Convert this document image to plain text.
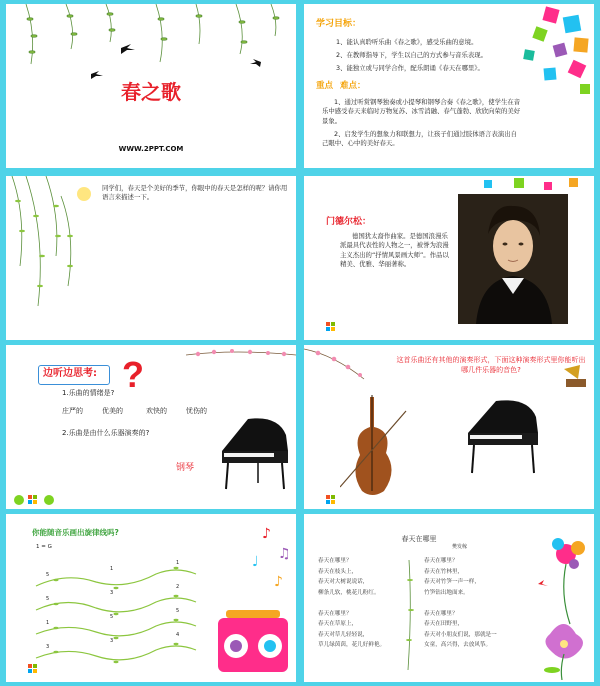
春之歌
WWW.2PPT.COM
学习目标：
1、能认真聆听乐曲《春之歌》，感受乐曲的意境。
2、在教师指导下，学生以自己的方式参与音乐表现。
3、能独立或与同学合作，配乐朗诵《春天在哪里》。
重点 难点：
1、通过听赏钢琴独奏或小提琴和钢琴合奏《春之歌》，使学生在音乐中感受春天来临时万物复苏、冰雪消融、春气蓬勃、欣欣向荣的美好景象。
2、启发学生的想象力和联想力，让孩子们通过肢体语言表演出自己眼中、心中的美好春天。
同学们，春天是个美好的季节，你眼中的春天是怎样的呢？请你用语言来描述一下。
门德尔松：
德国犹太裔作曲家。是德国浪漫乐派最具代表性的人物之一，被誉为浪漫主义杰出的“抒情风景画大师”。作品以精美、优雅、华丽著称。
边听边思考: ?
1.乐曲的情绪是?
庄严的	优美的	欢快的	忧伤的
2.乐曲是由什么乐器演奏的?
钢琴
这首乐曲还有其他的演奏形式，下面这种演奏形式里你能听出哪几件乐器的音色?
你能随音乐画出旋律线吗?
1 = G
5
1
1
5
3
2
1
5
5
3
3
4
♪
♫
♩
♪
春天在哪里
樊发稼
春天在哪里？
春天在枝头上，
春天对大树说说话，
柳条儿软，桃花儿粉红。
春天在哪里？
春天在草原上，
春天对草儿轻轻说，
草儿绿茵茵，花儿好鲜艳。
春天在哪里？
春天在竹林里，
春天对竹笋一声一样，
竹笋钻出地面来。
春天在哪里？
春天在田野里，
春天对小朋友们说，那就是一
女童，高兴得，去放风筝。
